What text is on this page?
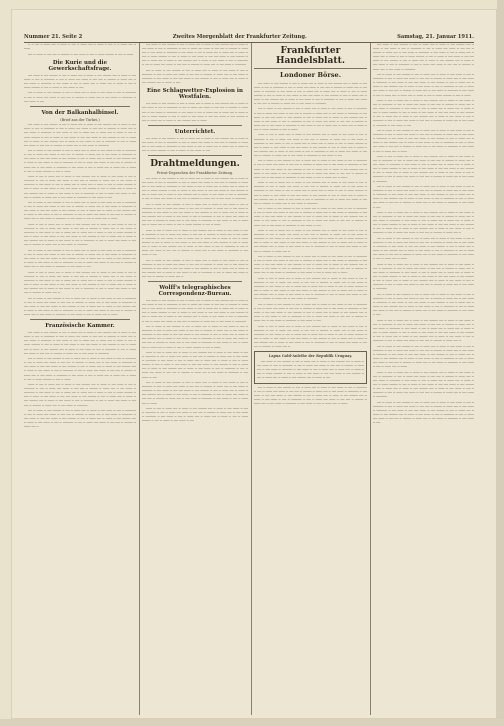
Nummer 21. Seite 2	Zweites Morgenblatt der Frankfurter Zeitung.	Samstag, 21. Januar 1911.

─ ─ ── ─ ─── ── ─ ─── ─ ── ─ ─── ── ─ ─── ─ ── ─ ─ ─── ── ─ ───

── ─ ─── ─ ── ── ─ ──── ─ ── ─── ─ ── ─ ─── ──── ─ ── ─ ───

Die Kurie und die Gewerkschaftsfrage.

── ─── ─ ── ──── ─ ── ─ ─── ── ─ ─── ─ ── ──── ── ─ ─── ─ ── ─── ─ ── ─ ───── ─ ── ─ ─── ── ─── ─ ── ── ─ ──── ─ ─── ── ─ ── ─── ─ ───── ─ ── ─── ─ ── ─ ─── ── ─ ─── ── ─ ─── ─ ── ─ ─── ──── ─ ── ─ ─── ─ ── ─── ─ ──

── ─ ─── ─ ── ──── ─ ── ─ ─── ── ─ ─── ─ ── ─── ─ ── ─ ───── ─ ── ─ ─── ── ─── ─ ── ── ─ ──── ─ ─── ── ─ ── ─── ─ ───── ─ ── ─── ─ ──

Von der Balkanhalbinsel.
(Brief aus der Türkei.)

── ─── ─ ── ──── ─ ── ─ ─── ── ─ ─── ─ ── ──── ── ─ ─── ─ ── ─── ─ ── ─ ───── ─ ── ─ ─── ── ─── ─ ── ── ─ ──── ─ ─── ── ─ ── ─── ─ ───── ─ ── ─── ─ ── ─ ─── ── ─ ─── ── ─ ─── ─ ── ─ ─── ──── ─ ── ─ ─── ─ ── ─── ─ ── ── ─── ─ ── ──── ─ ── ─ ─── ── ─ ─── ─ ── ──── ── ─ ─── ─ ── ─── ─ ── ─ ───── ─ ── ─ ─── ── ─── ─ ── ── ─ ──── ─ ─── ── ─ ── ─── ─ ─────

── ─ ─── ─ ── ──── ─ ── ─ ─── ── ─ ─── ─ ── ─── ─ ── ─ ───── ─ ── ─ ─── ── ─── ─ ── ── ─ ──── ─ ─── ── ─ ── ─── ─ ───── ─ ── ─── ─ ── ── ─── ─ ── ──── ─ ── ─ ─── ── ─ ─── ─ ── ──── ── ─ ─── ─ ── ─── ─ ── ─ ───── ─ ── ─ ─── ── ─── ─ ── ── ─ ──── ─ ─── ── ─ ── ─── ─ ───── ─ ── ─── ─ ── ─ ─── ── ─ ─── ── ─ ─── ─ ── ─ ─── ──── ─ ── ─ ───

─── ─ ── ─ ─── ── ─ ─── ─ ── ──── ── ─ ─── ─ ── ─── ─ ── ─ ───── ─ ── ─ ─── ── ─── ─ ── ── ─ ──── ─ ─── ── ─ ── ─── ─ ───── ─ ── ─── ─ ── ─ ─── ── ─ ─── ── ─ ─── ─ ── ─ ─── ──── ─ ── ─ ─── ─ ── ─── ─ ── ── ─── ─ ── ──── ─ ── ─ ─── ── ─ ─── ─ ── ──── ── ─ ─── ─ ── ─── ─ ── ─ ───── ─ ── ─ ─── ── ─── ─ ── ── ─ ──── ─ ─── ── ─ ── ─── ─ ───── ─ ── ─── ─ ──

── ─ ─── ─ ── ──── ─ ── ─ ─── ── ─ ─── ─ ── ─── ─ ── ─ ───── ─ ── ─ ─── ── ─── ─ ── ── ─ ──── ─ ─── ── ─ ── ─── ─ ───── ─ ── ─── ─ ── ── ─── ─ ── ──── ─ ── ─ ─── ── ─ ─── ─ ── ──── ── ─ ─── ─ ── ─── ─ ── ─ ───── ─ ── ─ ─── ── ─── ─ ── ── ─ ──── ─ ─── ── ─ ── ─── ─ ───── ─ ── ─── ─ ── ─ ─── ── ─ ───

─── ─ ── ─ ─── ── ─ ─── ─ ── ──── ── ─ ─── ─ ── ─── ─ ── ─ ───── ─ ── ─ ─── ── ─── ─ ── ── ─ ──── ─ ─── ── ─ ── ─── ─ ───── ─ ── ─── ─ ── ─ ─── ── ─ ─── ── ─ ─── ─ ── ─ ─── ──── ─ ── ─ ─── ─ ── ─── ─ ── ── ─── ─ ── ──── ─ ── ─ ─── ── ─ ─── ─ ── ──── ── ─ ─── ─ ── ─── ─ ── ─ ───── ─ ── ─ ─── ── ─── ─ ── ── ─ ──── ─ ─── ── ─ ── ─── ─ ─────

── ─ ─── ─ ── ──── ─ ── ─ ─── ── ─ ─── ─ ── ─── ─ ── ─ ───── ─ ── ─ ─── ── ─── ─ ── ── ─ ──── ─ ─── ── ─ ── ─── ─ ───── ─ ── ─── ─ ── ── ─── ─ ── ──── ─ ── ─ ─── ── ─ ─── ─ ── ──── ── ─ ─── ─ ── ─── ─ ── ─ ───── ─ ── ─ ─── ── ─── ─ ── ── ─ ──── ─ ─── ── ─ ── ─── ─ ───── ─ ── ─── ─ ──

─── ─ ── ─ ─── ── ─ ─── ─ ── ──── ── ─ ─── ─ ── ─── ─ ── ─ ───── ─ ── ─ ─── ── ─── ─ ── ── ─ ──── ─ ─── ── ─ ── ─── ─ ───── ─ ── ─── ─ ── ─ ─── ── ─ ─── ── ─ ─── ─ ── ─ ─── ──── ─ ── ─ ─── ─ ── ─── ─ ── ── ─── ─ ── ──── ─ ── ─ ─── ── ─ ─── ─ ── ──── ── ─ ─── ─ ── ─── ─ ── ─ ───── ─ ── ─ ─── ── ─── ─ ── ── ─ ──── ─ ─── ── ─

── ─ ─── ─ ── ──── ─ ── ─ ─── ── ─ ─── ─ ── ─── ─ ── ─ ───── ─ ── ─ ─── ── ─── ─ ── ── ─ ──── ─ ─── ── ─ ── ─── ─ ───── ─ ── ─── ─ ── ── ─── ─ ── ──── ─ ── ─ ─── ── ─ ─── ─ ── ──── ── ─ ─── ─ ── ─── ─ ── ─ ───── ─ ── ─ ─── ── ─── ─ ── ── ─ ──── ─ ─── ── ─ ── ─── ─ ───── ─ ── ─── ─ ── ─ ─── ── ─ ───

Französische Kammer.

── ─── ─ ── ──── ─ ── ─ ─── ── ─ ─── ─ ── ──── ── ─ ─── ─ ── ─── ─ ── ─ ───── ─ ── ─ ─── ── ─── ─ ── ── ─ ──── ─ ─── ── ─ ── ─── ─ ───── ─ ── ─── ─ ── ─ ─── ── ─ ─── ── ─ ─── ─ ── ─ ─── ──── ─ ── ─ ─── ─ ── ─── ─ ── ── ─── ─ ── ──── ─ ── ─ ─── ── ─ ─── ─ ── ──── ── ─ ─── ─ ── ─── ─ ── ─ ───── ─ ── ─ ─── ── ─── ─ ── ── ─ ──── ─ ─── ── ─ ── ─── ─ ─────

── ─ ─── ─ ── ──── ─ ── ─ ─── ── ─ ─── ─ ── ─── ─ ── ─ ───── ─ ── ─ ─── ── ─── ─ ── ── ─ ──── ─ ─── ── ─ ── ─── ─ ───── ─ ── ─── ─ ── ── ─── ─ ── ──── ─ ── ─ ─── ── ─ ─── ─ ── ──── ── ─ ─── ─ ── ─── ─ ── ─ ───── ─ ── ─ ─── ── ─── ─ ── ── ─ ──── ─ ─── ── ─ ── ─── ─ ───── ─ ── ─── ─ ── ─ ─── ── ─ ─── ── ─ ─── ─ ── ─ ─── ──── ─ ── ─ ───

─── ─ ── ─ ─── ── ─ ─── ─ ── ──── ── ─ ─── ─ ── ─── ─ ── ─ ───── ─ ── ─ ─── ── ─── ─ ── ── ─ ──── ─ ─── ── ─ ── ─── ─ ───── ─ ── ─── ─ ── ─ ─── ── ─ ─── ── ─ ─── ─ ── ─ ─── ──── ─ ── ─ ─── ─ ── ─── ─ ── ── ─── ─ ── ──── ─ ── ─ ─── ── ─ ─── ─ ── ──── ── ─ ─── ─ ── ─── ─ ── ─ ───── ─ ── ─ ─── ── ─── ─ ── ── ─ ──── ─ ─── ── ─ ── ─── ─ ─────

── ─ ─── ─ ── ──── ─ ── ─ ─── ── ─ ─── ─ ── ─── ─ ── ─ ───── ─ ── ─ ─── ── ─── ─ ── ── ─ ──── ─ ─── ── ─ ── ─── ─ ───── ─ ── ─── ─ ── ── ─── ─ ── ──── ─ ── ─ ─── ── ─ ─── ─ ── ──── ── ─ ─── ─ ── ─── ─ ── ─ ───── ─ ── ─ ─── ── ─── ─ ── ── ─ ──── ─ ─── ── ─

── ─── ─ ── ──── ─ ── ─ ─── ── ─ ─── ─ ── ──── ── ─ ─── ─ ── ─── ─ ── ─ ───── ─ ── ─ ─── ── ─── ─ ── ── ─ ──── ─ ─── ── ─ ── ─── ─ ───── ─ ── ─── ─ ── ─ ─── ── ─ ─── ── ─ ─── ─ ── ─ ─── ──── ─ ── ─ ─── ─ ── ─── ─ ── ── ─── ─ ── ──── ─ ── ─ ─── ── ─ ─── ─ ── ──── ── ─ ─── ─ ── ─── ─ ── ─ ───── ─ ── ─ ─── ── ─── ─ ── ── ─ ──── ─ ─── ── ─ ── ─── ─ ─────

── ─ ─── ─ ── ──── ─ ── ─ ─── ── ─ ─── ─ ── ─── ─ ── ─ ───── ─ ── ─ ─── ── ─── ─ ── ── ─ ──── ─ ─── ── ─ ── ─── ─ ───── ─ ── ─── ─ ── ── ─── ─ ── ──── ─ ── ─ ─── ── ─ ─── ─ ── ──── ── ─ ─── ─ ──

Eine Schlagwetter-Explosion in Westfalen.

── ─── ─ ── ──── ─ ── ─ ─── ── ─ ─── ─ ── ──── ── ─ ─── ─ ── ─── ─ ── ─ ───── ─ ── ─ ─── ── ─── ─ ── ── ─ ──── ─ ─── ── ─ ── ─── ─ ───── ─ ── ─── ─ ── ─ ─── ── ─ ─── ── ─ ─── ─ ── ─ ─── ──── ─ ── ─ ─── ─ ── ─── ─ ── ── ─── ─ ── ──── ─ ── ─ ─── ── ─ ─── ─ ── ──── ── ─ ───

Unterrichtet.

── ─── ─ ── ──── ─ ── ─ ─── ── ─ ─── ─ ── ──── ── ─ ─── ─ ── ─── ─ ── ─ ───── ─ ── ─ ─── ── ─── ─ ── ── ─ ──── ─ ─── ── ─ ── ─── ─ ───── ─ ── ─── ─ ── ─ ─── ── ─ ─── ── ─ ─── ─ ── ─ ─── ──── ─ ── ─ ─── ─ ── ─── ─ ──

Drahtmeldungen.
Privat-Depeschen der Frankfurter Zeitung.

── ─── ─ ── ──── ─ ── ─ ─── ── ─ ─── ─ ── ──── ── ─ ─── ─ ── ─── ─ ── ─ ───── ─ ── ─ ─── ── ─── ─ ── ── ─ ──── ─ ─── ── ─ ── ─── ─ ───── ─ ── ─── ─ ── ─ ─── ── ─ ─── ── ─ ─── ─ ── ─ ─── ──── ─ ── ─ ─── ─ ── ─── ─ ── ── ─── ─ ── ──── ─ ── ─ ─── ── ─ ─── ─ ── ──── ── ─ ─── ─ ── ─── ─ ── ─ ───── ─ ── ─ ─── ── ─── ─ ── ── ─ ──── ─ ─── ── ─ ── ─── ─ ─────

── ─ ─── ─ ── ──── ─ ── ─ ─── ── ─ ─── ─ ── ─── ─ ── ─ ───── ─ ── ─ ─── ── ─── ─ ── ── ─ ──── ─ ─── ── ─ ── ─── ─ ───── ─ ── ─── ─ ── ── ─── ─ ── ──── ─ ── ─ ─── ── ─ ─── ─ ── ──── ── ─ ─── ─ ── ─── ─ ── ─ ───── ─ ── ─ ─── ── ─── ─ ── ── ─ ──── ─ ─── ── ─ ── ─── ─ ───── ─ ── ─── ─ ── ─ ─── ── ─ ─── ── ─ ─── ─ ── ─ ─── ──── ─ ── ─ ───

─── ─ ── ─ ─── ── ─ ─── ─ ── ──── ── ─ ─── ─ ── ─── ─ ── ─ ───── ─ ── ─ ─── ── ─── ─ ── ── ─ ──── ─ ─── ── ─ ── ─── ─ ───── ─ ── ─── ─ ── ─ ─── ── ─ ─── ── ─ ─── ─ ── ─ ─── ──── ─ ── ─ ─── ─ ── ─── ─ ── ── ─── ─ ── ──── ─ ── ─ ─── ── ─ ─── ─ ── ──── ── ─ ─── ─ ── ─── ─ ── ─ ───── ─ ── ─ ─── ── ─── ─ ── ── ─ ──── ─ ─── ── ─ ── ─── ─ ───── ─ ── ─── ─ ──

── ─ ─── ─ ── ──── ─ ── ─ ─── ── ─ ─── ─ ── ─── ─ ── ─ ───── ─ ── ─ ─── ── ─── ─ ── ── ─ ──── ─ ─── ── ─ ── ─── ─ ───── ─ ── ─── ─ ── ── ─── ─ ── ──── ─ ── ─ ─── ── ─ ─── ─ ── ──── ── ─ ─── ─ ── ─── ─ ── ─ ───── ─ ── ─ ─── ── ─── ─ ── ── ─ ──── ─ ─── ── ─

Wolff's telegraphisches Correspondenz-Bureau.

── ─── ─ ── ──── ─ ── ─ ─── ── ─ ─── ─ ── ──── ── ─ ─── ─ ── ─── ─ ── ─ ───── ─ ── ─ ─── ── ─── ─ ── ── ─ ──── ─ ─── ── ─ ── ─── ─ ───── ─ ── ─── ─ ── ─ ─── ── ─ ─── ── ─ ─── ─ ── ─ ─── ──── ─ ── ─ ─── ─ ── ─── ─ ── ── ─── ─ ── ──── ─ ── ─ ─── ── ─ ─── ─ ── ──── ── ─ ─── ─ ── ─── ─ ── ─ ───── ─ ── ─ ─── ── ─── ─ ── ── ─ ──── ─ ─── ── ─ ── ─── ─ ─────

── ─ ─── ─ ── ──── ─ ── ─ ─── ── ─ ─── ─ ── ─── ─ ── ─ ───── ─ ── ─ ─── ── ─── ─ ── ── ─ ──── ─ ─── ── ─ ── ─── ─ ───── ─ ── ─── ─ ── ── ─── ─ ── ──── ─ ── ─ ─── ── ─ ─── ─ ── ──── ── ─ ─── ─ ── ─── ─ ── ─ ───── ─ ── ─ ─── ── ─── ─ ── ── ─ ──── ─ ─── ── ─ ── ─── ─ ───── ─ ── ─── ─ ── ─ ─── ── ─ ─── ── ─ ─── ─ ── ─ ─── ──── ─ ── ─ ───

─── ─ ── ─ ─── ── ─ ─── ─ ── ──── ── ─ ─── ─ ── ─── ─ ── ─ ───── ─ ── ─ ─── ── ─── ─ ── ── ─ ──── ─ ─── ── ─ ── ─── ─ ───── ─ ── ─── ─ ── ─ ─── ── ─ ─── ── ─ ─── ─ ── ─ ─── ──── ─ ── ─ ─── ─ ── ─── ─ ── ── ─── ─ ── ──── ─ ── ─ ─── ── ─ ─── ─ ── ──── ── ─ ─── ─ ── ─── ─ ── ─ ───── ─ ── ─ ─── ── ─── ─ ── ── ─ ──── ─ ─── ── ─ ── ─── ─ ───── ─ ── ─── ─ ──

── ─ ─── ─ ── ──── ─ ── ─ ─── ── ─ ─── ─ ── ─── ─ ── ─ ───── ─ ── ─ ─── ── ─── ─ ── ── ─ ──── ─ ─── ── ─ ── ─── ─ ───── ─ ── ─── ─ ── ── ─── ─ ── ──── ─ ── ─ ─── ── ─ ─── ─ ── ──── ── ─ ─── ─ ── ─── ─ ── ─ ───── ─ ── ─ ─── ── ─── ─ ── ── ─ ──── ─ ─── ── ─ ── ─── ─ ───── ─ ── ─── ─ ── ─ ─── ── ─ ───

─── ─ ── ─ ─── ── ─ ─── ─ ── ──── ── ─ ─── ─ ── ─── ─ ── ─ ───── ─ ── ─ ─── ── ─── ─ ── ── ─ ──── ─ ─── ── ─ ── ─── ─ ───── ─ ── ─── ─ ── ─ ─── ── ─ ─── ── ─ ─── ─ ── ─ ─── ──── ─ ── ─ ─── ─ ── ─── ─ ──

Frankfurter Handelsblatt.
Londoner Börse.

── ─── ─ ── ──── ─ ── ─ ─── ── ─ ─── ─ ── ──── ── ─ ─── ─ ── ─── ─ ── ─ ───── ─ ── ─ ─── ── ─── ─ ── ── ─ ──── ─ ─── ── ─ ── ─── ─ ───── ─ ── ─── ─ ── ─ ─── ── ─ ─── ── ─ ─── ─ ── ─ ─── ──── ─ ── ─ ─── ─ ── ─── ─ ── ── ─── ─ ── ──── ─ ── ─ ─── ── ─ ─── ─ ── ──── ── ─ ─── ─ ── ─── ─ ── ─ ───── ─ ── ─ ─── ── ─── ─ ── ── ─ ──── ─ ─── ── ─ ── ─── ─ ─────

── ─ ─── ─ ── ──── ─ ── ─ ─── ── ─ ─── ─ ── ─── ─ ── ─ ───── ─ ── ─ ─── ── ─── ─ ── ── ─ ──── ─ ─── ── ─ ── ─── ─ ───── ─ ── ─── ─ ── ── ─── ─ ── ──── ─ ── ─ ─── ── ─ ─── ─ ── ──── ── ─ ─── ─ ── ─── ─ ── ─ ───── ─ ── ─ ─── ── ─── ─ ── ── ─ ──── ─ ─── ── ─ ── ─── ─ ───── ─ ── ─── ─ ── ─ ─── ── ─ ─── ── ─ ─── ─ ── ─ ─── ──── ─ ── ─ ───

─── ─ ── ─ ─── ── ─ ─── ─ ── ──── ── ─ ─── ─ ── ─── ─ ── ─ ───── ─ ── ─ ─── ── ─── ─ ── ── ─ ──── ─ ─── ── ─ ── ─── ─ ───── ─ ── ─── ─ ── ─ ─── ── ─ ─── ── ─ ─── ─ ── ─ ─── ──── ─ ── ─ ─── ─ ── ─── ─ ── ── ─── ─ ── ──── ─ ── ─ ─── ── ─ ─── ─ ── ──── ── ─ ─── ─ ── ─── ─ ── ─ ───── ─ ── ─ ─── ── ─── ─ ── ── ─ ──── ─ ─── ── ─ ── ─── ─ ───── ─ ── ─── ─ ──

── ─ ─── ─ ── ──── ─ ── ─ ─── ── ─ ─── ─ ── ─── ─ ── ─ ───── ─ ── ─ ─── ── ─── ─ ── ── ─ ──── ─ ─── ── ─ ── ─── ─ ───── ─ ── ─── ─ ── ── ─── ─ ── ──── ─ ── ─ ─── ── ─ ─── ─ ── ──── ── ─ ─── ─ ── ─── ─ ── ─ ───── ─ ── ─ ─── ── ─── ─ ── ── ─ ──── ─ ─── ── ─ ── ─── ─ ───── ─ ── ─── ─ ── ─ ─── ── ─ ───

─── ─ ── ─ ─── ── ─ ─── ─ ── ──── ── ─ ─── ─ ── ─── ─ ── ─ ───── ─ ── ─ ─── ── ─── ─ ── ── ─ ──── ─ ─── ── ─ ── ─── ─ ───── ─ ── ─── ─ ── ─ ─── ── ─ ─── ── ─ ─── ─ ── ─ ─── ──── ─ ── ─ ─── ─ ── ─── ─ ── ── ─── ─ ── ──── ─ ── ─ ─── ── ─ ─── ─ ── ──── ── ─ ─── ─ ── ─── ─ ── ─ ───── ─ ── ─ ─── ── ─── ─ ── ── ─ ──── ─ ─── ── ─ ── ─── ─ ─────

── ─ ─── ─ ── ──── ─ ── ─ ─── ── ─ ─── ─ ── ─── ─ ── ─ ───── ─ ── ─ ─── ── ─── ─ ── ── ─ ──── ─ ─── ── ─ ── ─── ─ ───── ─ ── ─── ─ ── ── ─── ─ ── ──── ─ ── ─ ─── ── ─ ─── ─ ── ──── ── ─ ─── ─ ── ─── ─ ── ─ ───── ─ ── ─ ─── ── ─── ─ ── ── ─ ──── ─ ─── ── ─ ── ─── ─ ───── ─ ── ─── ─ ──

─── ─ ── ─ ─── ── ─ ─── ─ ── ──── ── ─ ─── ─ ── ─── ─ ── ─ ───── ─ ── ─ ─── ── ─── ─ ── ── ─ ──── ─ ─── ── ─ ── ─── ─ ───── ─ ── ─── ─ ── ─ ─── ── ─ ─── ── ─ ─── ─ ── ─ ─── ──── ─ ── ─ ─── ─ ── ─── ─ ── ── ─── ─ ── ──── ─ ── ─ ─── ── ─ ─── ─ ── ──── ── ─ ─── ─ ── ─── ─ ── ─ ───── ─ ── ─ ─── ── ─── ─ ── ── ─ ──── ─ ─── ── ─

── ─ ─── ─ ── ──── ─ ── ─ ─── ── ─ ─── ─ ── ─── ─ ── ─ ───── ─ ── ─ ─── ── ─── ─ ── ── ─ ──── ─ ─── ── ─ ── ─── ─ ───── ─ ── ─── ─ ── ── ─── ─ ── ──── ─ ── ─ ─── ── ─ ─── ─ ── ──── ── ─ ─── ─ ── ─── ─ ── ─ ───── ─ ── ─ ─── ── ─── ─ ── ── ─ ──── ─ ─── ── ─ ── ─── ─ ───── ─ ── ─── ─ ── ─ ─── ── ─ ───

─── ─ ── ─ ─── ── ─ ─── ─ ── ──── ── ─ ─── ─ ── ─── ─ ── ─ ───── ─ ── ─ ─── ── ─── ─ ── ── ─ ──── ─ ─── ── ─ ── ─── ─ ───── ─ ── ─── ─ ── ─ ─── ── ─ ─── ── ─ ─── ─ ── ─ ─── ──── ─ ── ─ ─── ─ ── ─── ─ ── ── ─── ─ ── ──── ─ ── ─ ─── ── ─ ─── ─ ── ──── ── ─ ─── ─ ── ─── ─ ── ─ ───── ─ ── ─ ─── ── ─── ─ ── ── ─ ──── ─ ─── ── ─ ── ─── ─ ─────

── ─ ─── ─ ── ──── ─ ── ─ ─── ── ─ ─── ─ ── ─── ─ ── ─ ───── ─ ── ─ ─── ── ─── ─ ── ── ─ ──── ─ ─── ── ─ ── ─── ─ ───── ─ ── ─── ─ ── ── ─── ─ ── ──── ─ ── ─ ─── ── ─ ─── ─ ── ──── ── ─ ─── ─ ── ─── ─ ── ─ ───── ─ ── ─ ─── ── ─── ─ ── ── ─ ──── ─ ─── ── ─ ── ─── ─ ───── ─ ── ─── ─ ──

─── ─ ── ─ ─── ── ─ ─── ─ ── ──── ── ─ ─── ─ ── ─── ─ ── ─ ───── ─ ── ─ ─── ── ─── ─ ── ── ─ ──── ─ ─── ── ─ ── ─── ─ ───── ─ ── ─── ─ ── ─ ─── ── ─ ─── ── ─ ─── ─ ── ─ ─── ──── ─ ── ─ ─── ─ ── ─── ─ ── ── ─── ─ ── ──── ─ ── ─ ─── ── ─ ─── ─ ── ──── ── ─ ─── ─ ── ─── ─ ── ─ ───── ─ ── ─ ─── ── ─── ─ ── ── ─ ──── ─ ─── ── ─

Lapua Gold-Anleihe der Republik Uruguay.

── ─── ─ ── ──── ─ ── ─ ─── ── ─ ─── ─ ── ──── ── ─ ─── ─ ── ─── ─ ── ─ ───── ─ ── ─ ─── ── ─── ─ ── ── ─ ──── ─ ─── ── ─ ── ─── ─ ───── ─ ── ─── ─ ── ─ ─── ── ─ ─── ── ─ ─── ─ ── ─ ─── ──── ─ ── ─ ─── ─ ── ─── ─ ── ── ─── ─ ── ──── ─ ── ─ ─── ── ─ ─── ─ ── ──── ── ─ ─── ─ ──

── ─ ─── ─ ── ──── ─ ── ─ ─── ── ─ ─── ─ ── ─── ─ ── ─ ───── ─ ── ─ ─── ── ─── ─ ── ── ─ ──── ─ ─── ── ─ ── ─── ─ ───── ─ ── ─── ─ ── ── ─── ─ ── ──── ─ ── ─ ─── ── ─ ─── ─ ── ──── ── ─ ─── ─ ── ─── ─ ── ─ ───── ─ ── ─ ─── ── ─── ─ ── ── ─ ──── ─ ─── ── ─ ── ─── ─ ───── ─ ── ─── ─ ── ─ ─── ── ─ ───

── ─── ─ ── ──── ─ ── ─ ─── ── ─ ─── ─ ── ──── ── ─ ─── ─ ── ─── ─ ── ─ ───── ─ ── ─ ─── ── ─── ─ ── ── ─ ──── ─ ─── ── ─ ── ─── ─ ───── ─ ── ─── ─ ── ─ ─── ── ─ ─── ── ─ ─── ─ ── ─ ─── ──── ─ ── ─ ─── ─ ── ─── ─ ── ── ─── ─ ── ──── ─ ── ─ ─── ── ─ ─── ─ ── ──── ── ─ ─── ─ ── ─── ─ ── ─ ───── ─ ── ─ ─── ── ─── ─ ── ── ─ ──── ─ ─── ── ─ ── ─── ─ ─────

── ─ ─── ─ ── ──── ─ ── ─ ─── ── ─ ─── ─ ── ─── ─ ── ─ ───── ─ ── ─ ─── ── ─── ─ ── ── ─ ──── ─ ─── ── ─ ── ─── ─ ───── ─ ── ─── ─ ── ── ─── ─ ── ──── ─ ── ─ ─── ── ─ ─── ─ ── ──── ── ─ ─── ─ ── ─── ─ ── ─ ───── ─ ── ─ ─── ── ─── ─ ── ── ─ ──── ─ ─── ── ─ ── ─── ─ ───── ─ ── ─── ─ ── ─ ─── ── ─ ─── ── ─ ─── ─ ── ─ ─── ──── ─ ── ─ ───

─── ─ ── ─ ─── ── ─ ─── ─ ── ──── ── ─ ─── ─ ── ─── ─ ── ─ ───── ─ ── ─ ─── ── ─── ─ ── ── ─ ──── ─ ─── ── ─ ── ─── ─ ───── ─ ── ─── ─ ── ─ ─── ── ─ ─── ── ─ ─── ─ ── ─ ─── ──── ─ ── ─ ─── ─ ── ─── ─ ── ── ─── ─ ── ──── ─ ── ─ ─── ── ─ ─── ─ ── ──── ── ─ ─── ─ ── ─── ─ ── ─ ───── ─ ── ─ ─── ── ─── ─ ── ── ─ ──── ─ ─── ── ─ ── ─── ─ ───── ─ ── ─── ─ ──

── ─ ─── ─ ── ──── ─ ── ─ ─── ── ─ ─── ─ ── ─── ─ ── ─ ───── ─ ── ─ ─── ── ─── ─ ── ── ─ ──── ─ ─── ── ─ ── ─── ─ ───── ─ ── ─── ─ ── ── ─── ─ ── ──── ─ ── ─ ─── ── ─ ─── ─ ── ──── ── ─ ─── ─ ── ─── ─ ── ─ ───── ─ ── ─ ─── ── ─── ─ ── ── ─ ──── ─ ─── ── ─ ── ─── ─ ───── ─ ── ─── ─ ── ─ ─── ── ─ ───

─── ─ ── ─ ─── ── ─ ─── ─ ── ──── ── ─ ─── ─ ── ─── ─ ── ─ ───── ─ ── ─ ─── ── ─── ─ ── ── ─ ──── ─ ─── ── ─ ── ─── ─ ───── ─ ── ─── ─ ── ─ ─── ── ─ ─── ── ─ ─── ─ ── ─ ─── ──── ─ ── ─ ─── ─ ── ─── ─ ── ── ─── ─ ── ──── ─ ── ─ ─── ── ─ ─── ─ ── ──── ── ─ ─── ─ ── ─── ─ ── ─ ───── ─ ── ─ ─── ── ─── ─ ── ── ─ ──── ─ ─── ── ─ ── ─── ─ ─────

── ─ ─── ─ ── ──── ─ ── ─ ─── ── ─ ─── ─ ── ─── ─ ── ─ ───── ─ ── ─ ─── ── ─── ─ ── ── ─ ──── ─ ─── ── ─ ── ─── ─ ───── ─ ── ─── ─ ── ── ─── ─ ── ──── ─ ── ─ ─── ── ─ ─── ─ ── ──── ── ─ ─── ─ ── ─── ─ ── ─ ───── ─ ── ─ ─── ── ─── ─ ── ── ─ ──── ─ ─── ── ─ ── ─── ─ ───── ─ ── ─── ─ ──

─── ─ ── ─ ─── ── ─ ─── ─ ── ──── ── ─ ─── ─ ── ─── ─ ── ─ ───── ─ ── ─ ─── ── ─── ─ ── ── ─ ──── ─ ─── ── ─ ── ─── ─ ───── ─ ── ─── ─ ── ─ ─── ── ─ ─── ── ─ ─── ─ ── ─ ─── ──── ─ ── ─ ─── ─ ── ─── ─ ── ── ─── ─ ── ──── ─ ── ─ ─── ── ─ ─── ─ ── ──── ── ─ ─── ─ ── ─── ─ ── ─ ───── ─ ── ─ ─── ── ─── ─ ── ── ─ ──── ─ ─── ── ─

── ─ ─── ─ ── ──── ─ ── ─ ─── ── ─ ─── ─ ── ─── ─ ── ─ ───── ─ ── ─ ─── ── ─── ─ ── ── ─ ──── ─ ─── ── ─ ── ─── ─ ───── ─ ── ─── ─ ── ── ─── ─ ── ──── ─ ── ─ ─── ── ─ ─── ─ ── ──── ── ─ ─── ─ ── ─── ─ ── ─ ───── ─ ── ─ ─── ── ─── ─ ── ── ─ ──── ─ ─── ── ─ ── ─── ─ ───── ─ ── ─── ─ ── ─ ─── ── ─ ───

─── ─ ── ─ ─── ── ─ ─── ─ ── ──── ── ─ ─── ─ ── ─── ─ ── ─ ───── ─ ── ─ ─── ── ─── ─ ── ── ─ ──── ─ ─── ── ─ ── ─── ─ ───── ─ ── ─── ─ ── ─ ─── ── ─ ─── ── ─ ─── ─ ── ─ ─── ──── ─ ── ─ ─── ─ ── ─── ─ ── ── ─── ─ ── ──── ─ ── ─ ─── ── ─ ─── ─ ── ──── ── ─ ─── ─ ── ─── ─ ── ─ ───── ─ ── ─ ─── ── ─── ─ ── ── ─ ──── ─ ─── ── ─ ── ─── ─ ─────

── ─ ─── ─ ── ──── ─ ── ─ ─── ── ─ ─── ─ ── ─── ─ ── ─ ───── ─ ── ─ ─── ── ─── ─ ── ── ─ ──── ─ ─── ── ─ ── ─── ─ ───── ─ ── ─── ─ ── ── ─── ─ ── ──── ─ ── ─ ─── ── ─ ─── ─ ── ──── ── ─ ─── ─ ── ─── ─ ── ─ ───── ─ ── ─ ─── ── ─── ─ ── ── ─ ──── ─ ─── ── ─ ── ─── ─ ───── ─ ── ─── ─ ──

─── ─ ── ─ ─── ── ─ ─── ─ ── ──── ── ─ ─── ─ ── ─── ─ ── ─ ───── ─ ── ─ ─── ── ─── ─ ── ── ─ ──── ─ ─── ── ─ ── ─── ─ ───── ─ ── ─── ─ ── ─ ─── ── ─ ─── ── ─ ─── ─ ── ─ ─── ──── ─ ── ─ ─── ─ ── ─── ─ ── ── ─── ─ ── ──── ─ ── ─ ─── ── ─ ─── ─ ── ──── ── ─ ─── ─ ── ─── ─ ── ─ ───── ─ ── ─ ─── ── ─── ─ ── ── ─ ──── ─ ─── ── ─

── ─ ─── ─ ── ──── ─ ── ─ ─── ── ─ ─── ─ ── ─── ─ ── ─ ───── ─ ── ─ ─── ── ─── ─ ── ── ─ ──── ─ ─── ── ─ ── ─── ─ ───── ─ ── ─── ─ ── ── ─── ─ ── ──── ─ ── ─ ─── ── ─ ─── ─ ── ──── ── ─ ─── ─ ── ─── ─ ── ─ ───── ─ ── ─ ─── ── ─── ─ ── ── ─ ──── ─ ─── ── ─ ── ─── ─ ───── ─ ── ─── ─ ── ─ ─── ── ─ ───

─── ─ ── ─ ─── ── ─ ─── ─ ── ──── ── ─ ─── ─ ── ─── ─ ── ─ ───── ─ ── ─ ─── ── ─── ─ ── ── ─ ──── ─ ─── ── ─ ── ─── ─ ───── ─ ── ─── ─ ── ─ ─── ── ─ ─── ── ─ ─── ─ ── ─ ─── ──── ─ ── ─ ─── ─ ── ─── ─ ── ── ─── ─ ── ──── ─ ── ─ ─── ── ─ ─── ─ ── ──── ── ─ ─── ─ ── ─── ─ ── ─ ───── ─ ── ─ ─── ── ─── ─ ── ── ─ ──── ─ ─── ── ─ ── ─── ─ ─────

── ─ ─── ─ ── ──── ─ ── ─ ─── ── ─ ─── ─ ── ─── ─ ── ─ ───── ─ ── ─ ─── ── ─── ─ ── ── ─ ──── ─ ─── ── ─ ── ─── ─ ───── ─ ── ─── ─ ── ── ─── ─ ── ──── ─ ── ─ ─── ── ─ ─── ─ ── ──── ── ─ ─── ─ ── ─── ─ ── ─ ───── ─ ── ─ ─── ── ─── ─ ── ── ─ ──── ─ ─── ── ─ ── ─── ─ ───── ─ ── ─── ─ ──
